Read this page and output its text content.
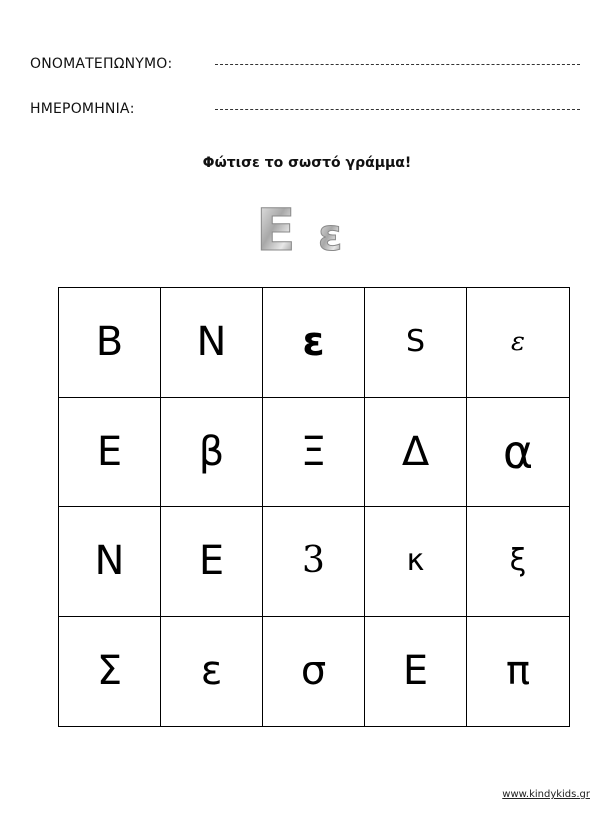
ΟΝΟΜΑΤΕΠΩΝΥΜΟ:
ΗΜΕΡΟΜΗΝΙΑ:
Φώτισε το σωστό γράμμα!
Ε ε
Β	Ν	ε	S	ε
Ε	β	Ξ	Δ	α
Ν	Ε	3	κ	ξ
Σ	ε	σ	Ε	π
www.kindykids.gr
